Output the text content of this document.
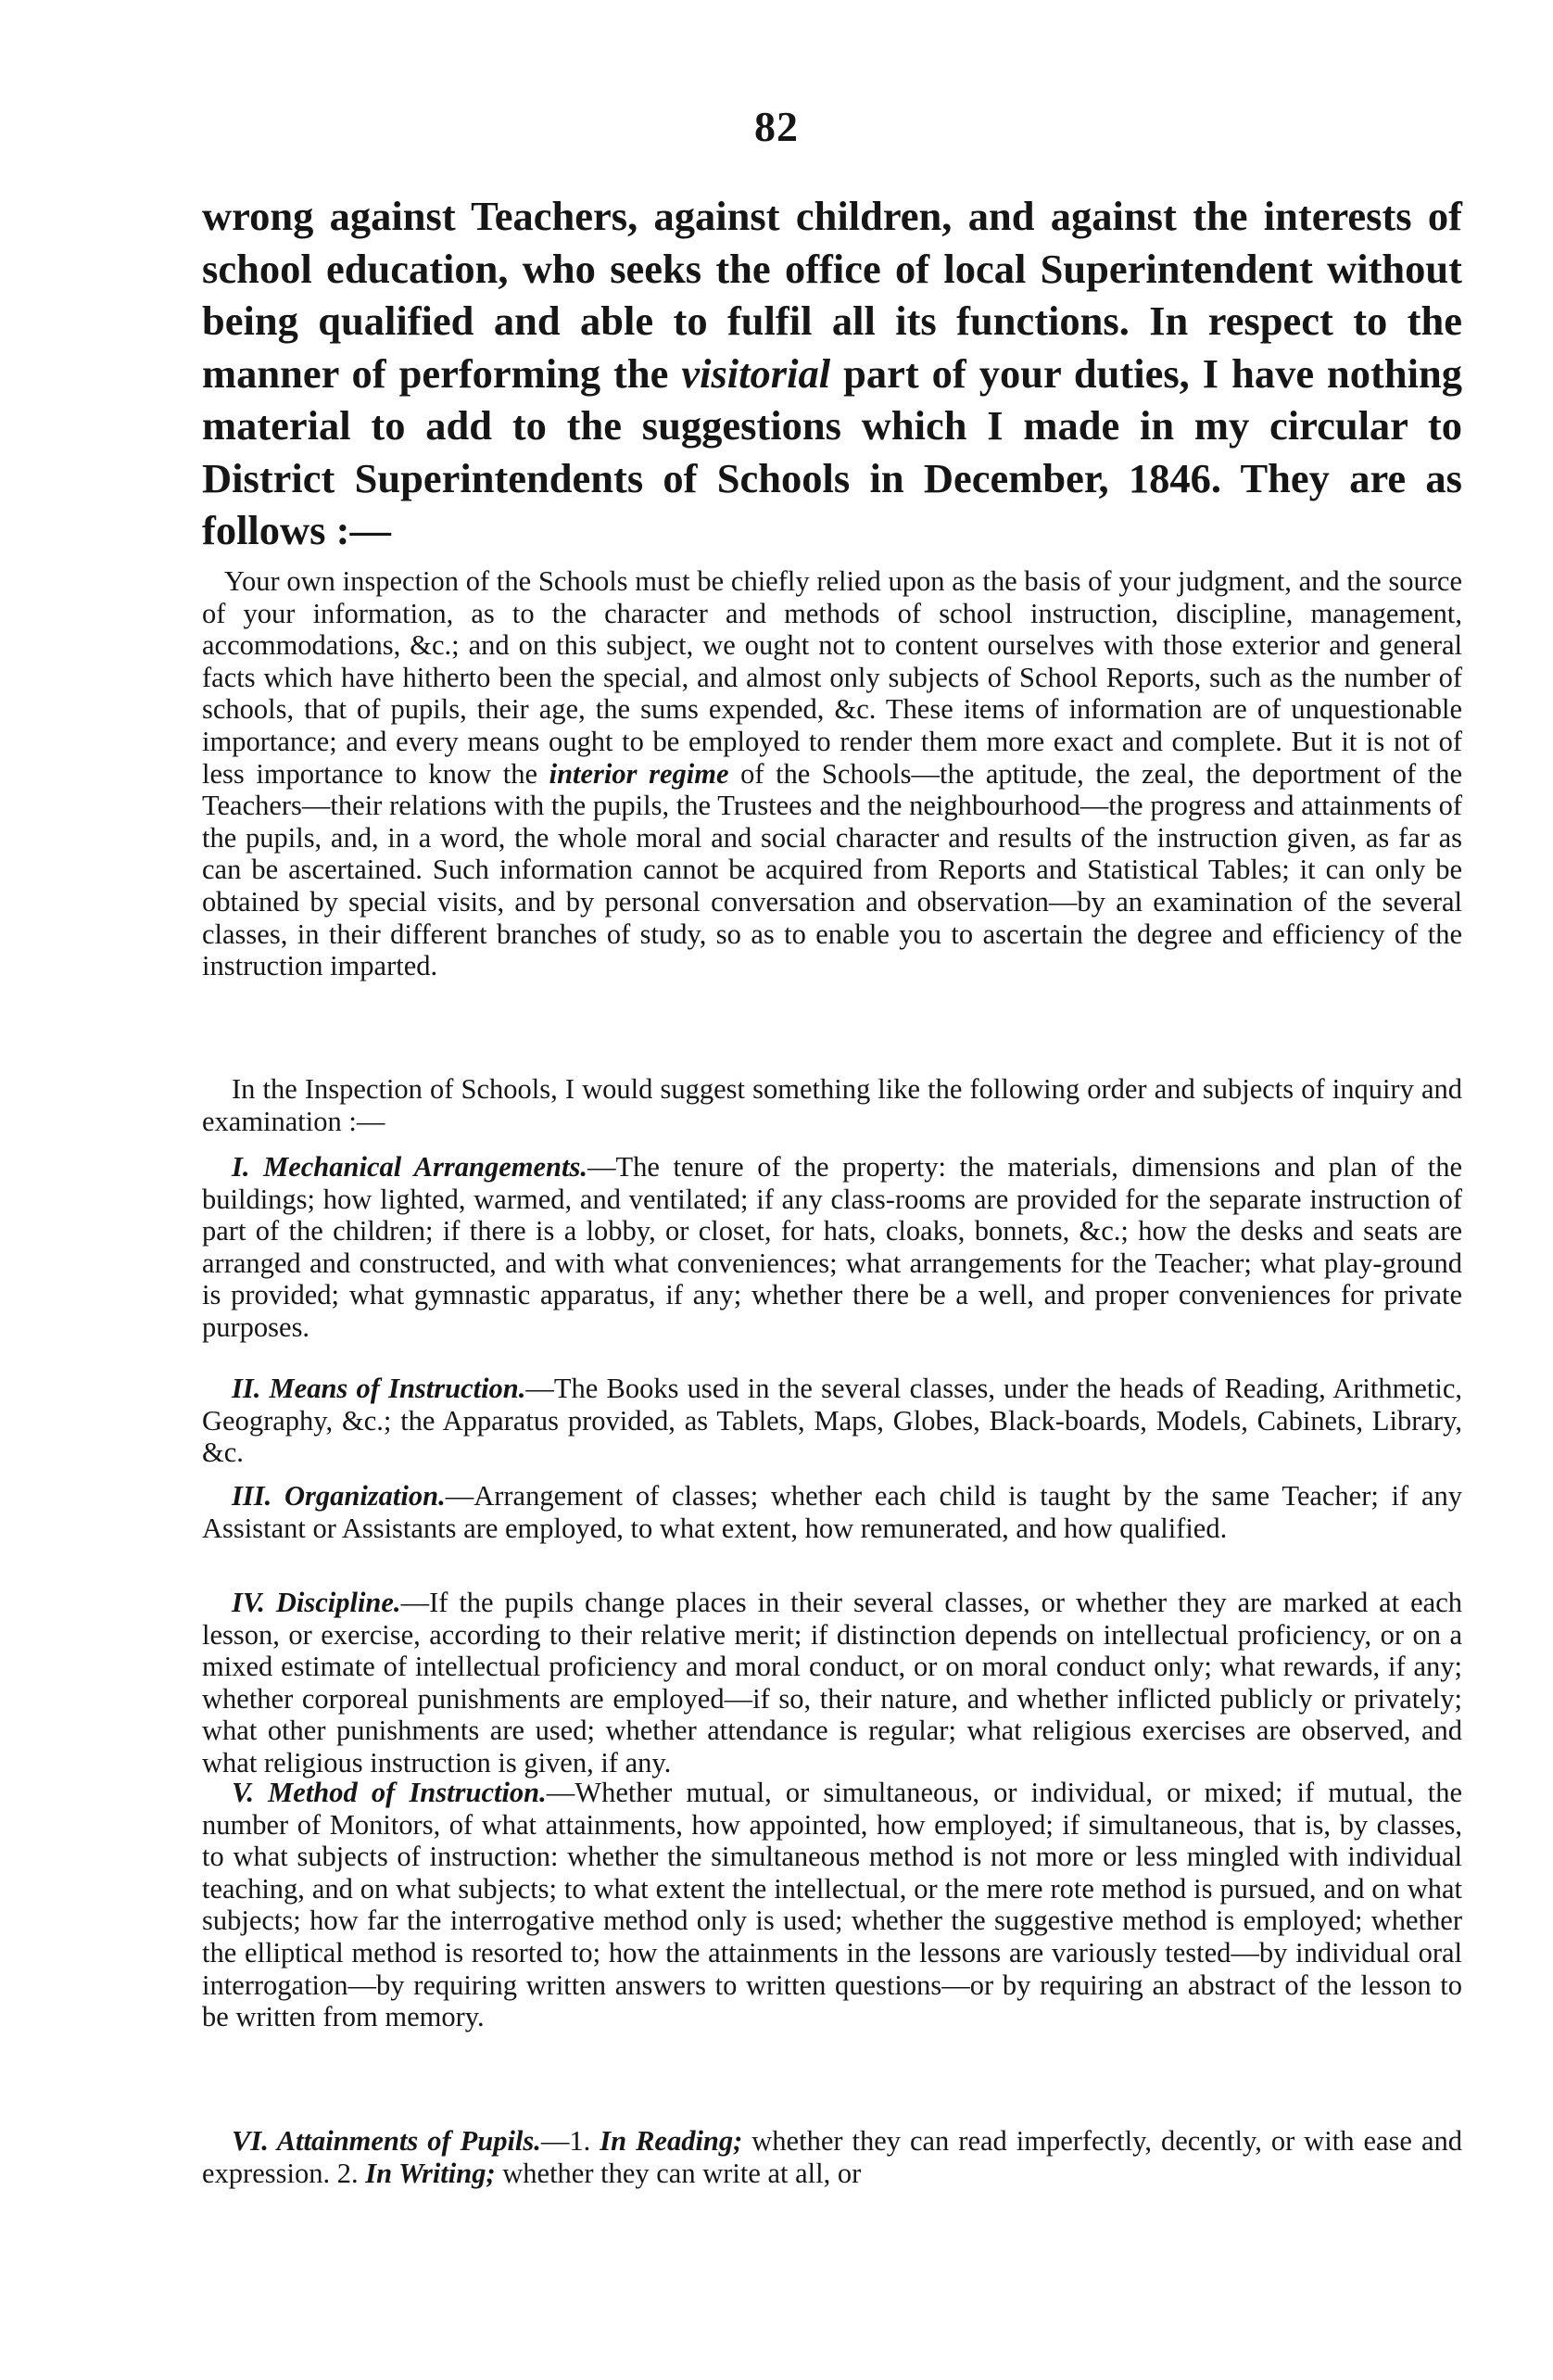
82

wrong against Teachers, against children, and against the interests of school education, who seeks the office of local Superintendent without being qualified and able to fulfil all its functions. In respect to the manner of performing the visitorial part of your duties, I have nothing material to add to the suggestions which I made in my circular to District Superintendents of Schools in December, 1846. They are as follows :—

Your own inspection of the Schools must be chiefly relied upon as the basis of your judgment, and the source of your information, as to the character and methods of school instruction, discipline, management, accommodations, &c.; and on this subject, we ought not to content ourselves with those exterior and general facts which have hitherto been the special, and almost only subjects of School Reports, such as the number of schools, that of pupils, their age, the sums expended, &c. These items of information are of unquestionable importance; and every means ought to be employed to render them more exact and complete. But it is not of less importance to know the interior regime of the Schools—the aptitude, the zeal, the deportment of the Teachers—their relations with the pupils, the Trustees and the neighbourhood—the progress and attainments of the pupils, and, in a word, the whole moral and social character and results of the instruction given, as far as can be ascertained. Such information cannot be acquired from Reports and Statistical Tables; it can only be obtained by special visits, and by personal conversation and observation—by an examination of the several classes, in their different branches of study, so as to enable you to ascertain the degree and efficiency of the instruction imparted.

In the Inspection of Schools, I would suggest something like the following order and subjects of inquiry and examination :—

I. Mechanical Arrangements.—The tenure of the property: the materials, dimensions and plan of the buildings; how lighted, warmed, and ventilated; if any class-rooms are provided for the separate instruction of part of the children; if there is a lobby, or closet, for hats, cloaks, bonnets, &c.; how the desks and seats are arranged and constructed, and with what conveniences; what arrangements for the Teacher; what play-ground is provided; what gymnastic apparatus, if any; whether there be a well, and proper conveniences for private purposes.

II. Means of Instruction.—The Books used in the several classes, under the heads of Reading, Arithmetic, Geography, &c.; the Apparatus provided, as Tablets, Maps, Globes, Black-boards, Models, Cabinets, Library, &c.

III. Organization.—Arrangement of classes; whether each child is taught by the same Teacher; if any Assistant or Assistants are employed, to what extent, how remunerated, and how qualified.

IV. Discipline.—If the pupils change places in their several classes, or whether they are marked at each lesson, or exercise, according to their relative merit; if distinction depends on intellectual proficiency, or on a mixed estimate of intellectual proficiency and moral conduct, or on moral conduct only; what rewards, if any; whether corporeal punishments are employed—if so, their nature, and whether inflicted publicly or privately; what other punishments are used; whether attendance is regular; what religious exercises are observed, and what religious instruction is given, if any.

V. Method of Instruction.—Whether mutual, or simultaneous, or individual, or mixed; if mutual, the number of Monitors, of what attainments, how appointed, how employed; if simultaneous, that is, by classes, to what subjects of instruction: whether the simultaneous method is not more or less mingled with individual teaching, and on what subjects; to what extent the intellectual, or the mere rote method is pursued, and on what subjects; how far the interrogative method only is used; whether the suggestive method is employed; whether the elliptical method is resorted to; how the attainments in the lessons are variously tested—by individual oral interrogation—by requiring written answers to written questions—or by requiring an abstract of the lesson to be written from memory.

VI. Attainments of Pupils.—1. In Reading; whether they can read imperfectly, decently, or with ease and expression. 2. In Writing; whether they can write at all, or
